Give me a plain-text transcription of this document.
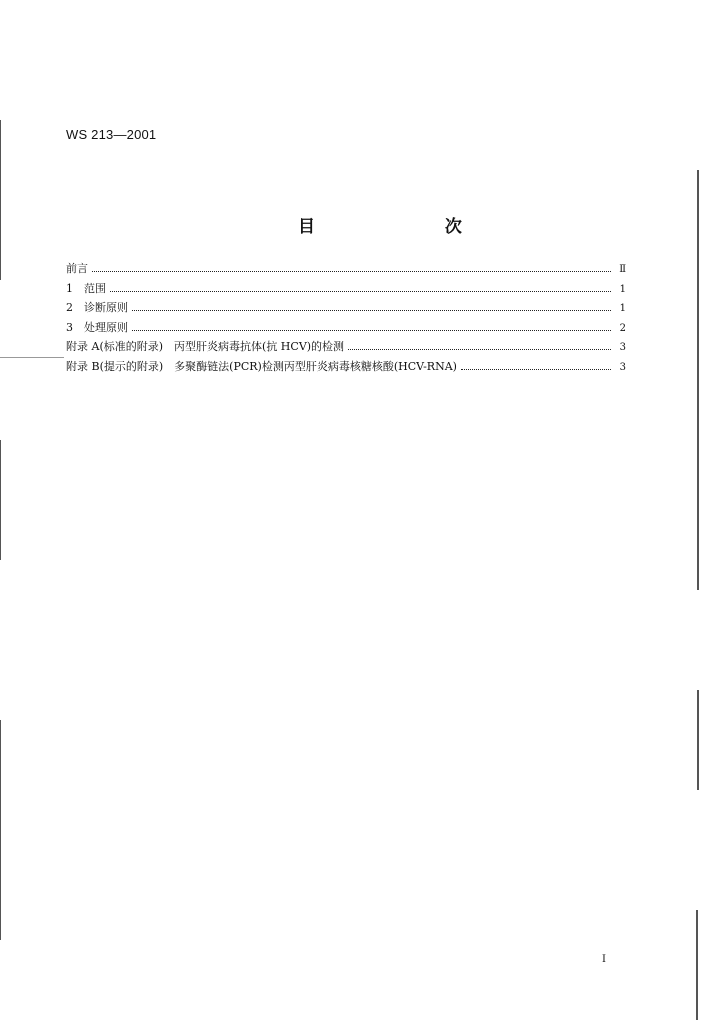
WS 213—2001
目 次
前言	Ⅱ
1　范围	1
2　诊断原则	1
3　处理原则	2
附录 A(标准的附录)　丙型肝炎病毒抗体(抗 HCV)的检测	3
附录 B(提示的附录)　多聚酶链法(PCR)检测丙型肝炎病毒核糖核酸(HCV-RNA)	3
I
